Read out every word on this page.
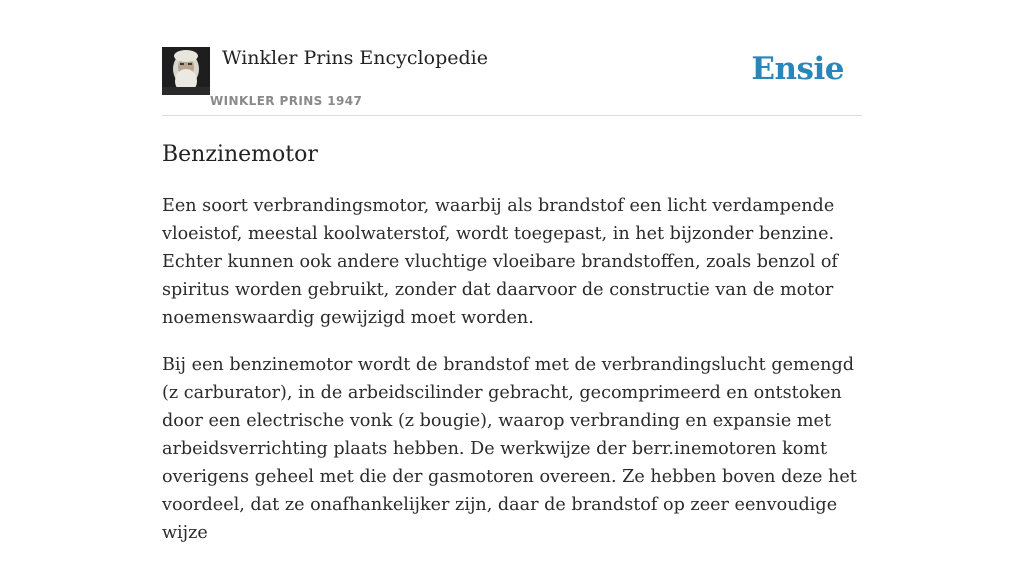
Winkler Prins Encyclopedie
WINKLER PRINS 1947
Ensie
Benzinemotor

Een soort verbrandingsmotor, waarbij als brandstof een licht verdampende vloeistof, meestal koolwaterstof, wordt toegepast, in het bijzonder benzine. Echter kunnen ook andere vluchtige vloeibare brandstoffen, zoals benzol of spiritus worden gebruikt, zonder dat daarvoor de constructie van de motor noemenswaardig gewijzigd moet worden.

Bij een benzinemotor wordt de brandstof met de verbrandingslucht gemengd (z carburator), in de arbeidscilinder gebracht, gecomprimeerd en ontstoken door een electrische vonk (z bougie), waarop verbranding en expansie met arbeidsverrichting plaats hebben. De werkwijze der berr.inemotoren komt overigens geheel met die der gasmotoren overeen. Ze hebben boven deze het voordeel, dat ze onafhankelijker zijn, daar de brandstof op zeer eenvoudige wijze
